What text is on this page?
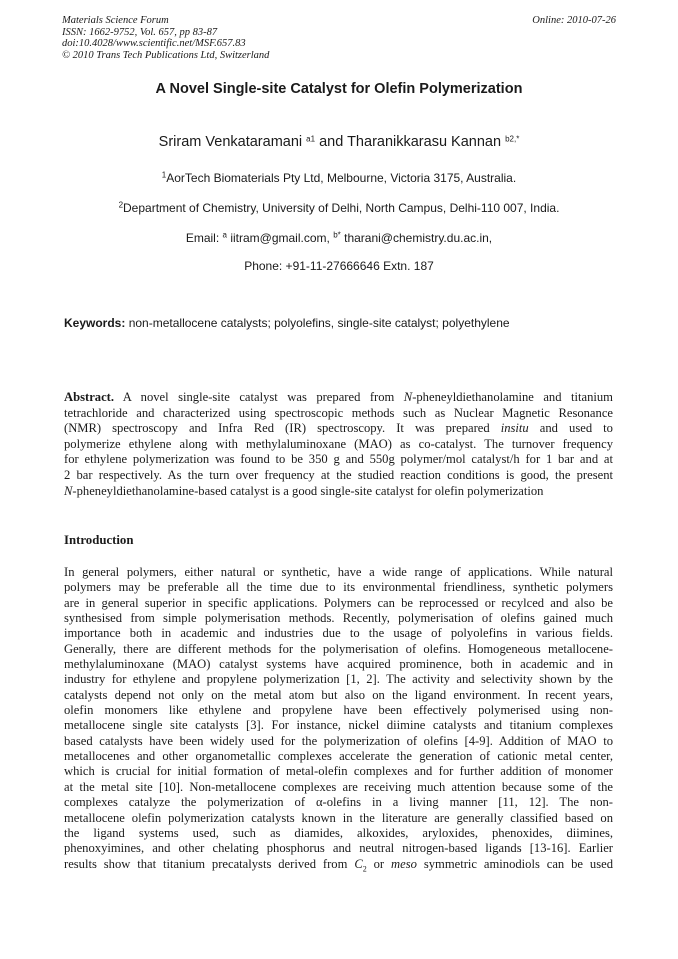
Materials Science Forum
ISSN: 1662-9752, Vol. 657, pp 83-87
doi:10.4028/www.scientific.net/MSF.657.83
© 2010 Trans Tech Publications Ltd, Switzerland
Online: 2010-07-26
A Novel Single-site Catalyst for Olefin Polymerization
Sriram Venkataramani $^{a1}$ and Tharanikkarasu Kannan $^{b2,*}$
$^1$AorTech Biomaterials Pty Ltd, Melbourne, Victoria 3175, Australia.
$^2$Department of Chemistry, University of Delhi, North Campus, Delhi-110 007, India.
Email: $^a$ iitram@gmail.com, $^{b*}$ tharani@chemistry.du.ac.in,
Phone: +91-11-27666646 Extn. 187
Keywords: non-metallocene catalysts; polyolefins, single-site catalyst; polyethylene
Abstract. A novel single-site catalyst was prepared from N-pheneyldiethanolamine and titanium
tetrachloride and characterized using spectroscopic methods such as Nuclear Magnetic Resonance
(NMR) spectroscopy and Infra Red (IR) spectroscopy. It was prepared insitu and used to
polymerize ethylene along with methylaluminoxane (MAO) as co-catalyst. The turnover frequency
for ethylene polymerization was found to be 350 g and 550g polymer/mol catalyst/h for 1 bar and at
2 bar respectively. As the turn over frequency at the studied reaction conditions is good, the present
N-pheneyldiethanolamine-based catalyst is a good single-site catalyst for olefin polymerization
Introduction
In general polymers, either natural or synthetic, have a wide range of applications. While natural
polymers may be preferable all the time due to its environmental friendliness, synthetic polymers
are in general superior in specific applications. Polymers can be reprocessed or recylced and also be
synthesised from simple polymerisation methods. Recently, polymerisation of olefins gained much
importance both in academic and industries due to the usage of polyolefins in various fields.
Generally, there are different methods for the polymerisation of olefins. Homogeneous metallocene-
methylaluminoxane (MAO) catalyst systems have acquired prominence, both in academic and in
industry for ethylene and propylene polymerization [1, 2]. The activity and selectivity shown by the
catalysts depend not only on the metal atom but also on the ligand environment. In recent years,
olefin monomers like ethylene and propylene have been effectively polymerised using non-
metallocene single site catalysts [3]. For instance, nickel diimine catalysts and titanium complexes
based catalysts have been widely used for the polymerization of olefins [4-9]. Addition of MAO to
metallocenes and other organometallic complexes accelerate the generation of cationic metal center,
which is crucial for initial formation of metal-olefin complexes and for further addition of monomer
at the metal site [10]. Non-metallocene complexes are receiving much attention because some of the
complexes catalyze the polymerization of α-olefins in a living manner [11, 12]. The non-
metallocene olefin polymerization catalysts known in the literature are generally classified based on
the ligand systems used, such as diamides, alkoxides, aryloxides, phenoxides, diimines,
phenoxyimines, and other chelating phosphorus and neutral nitrogen-based ligands [13-16]. Earlier
results show that titanium precatalysts derived from $C_2$ or meso symmetric aminodiols can be used
